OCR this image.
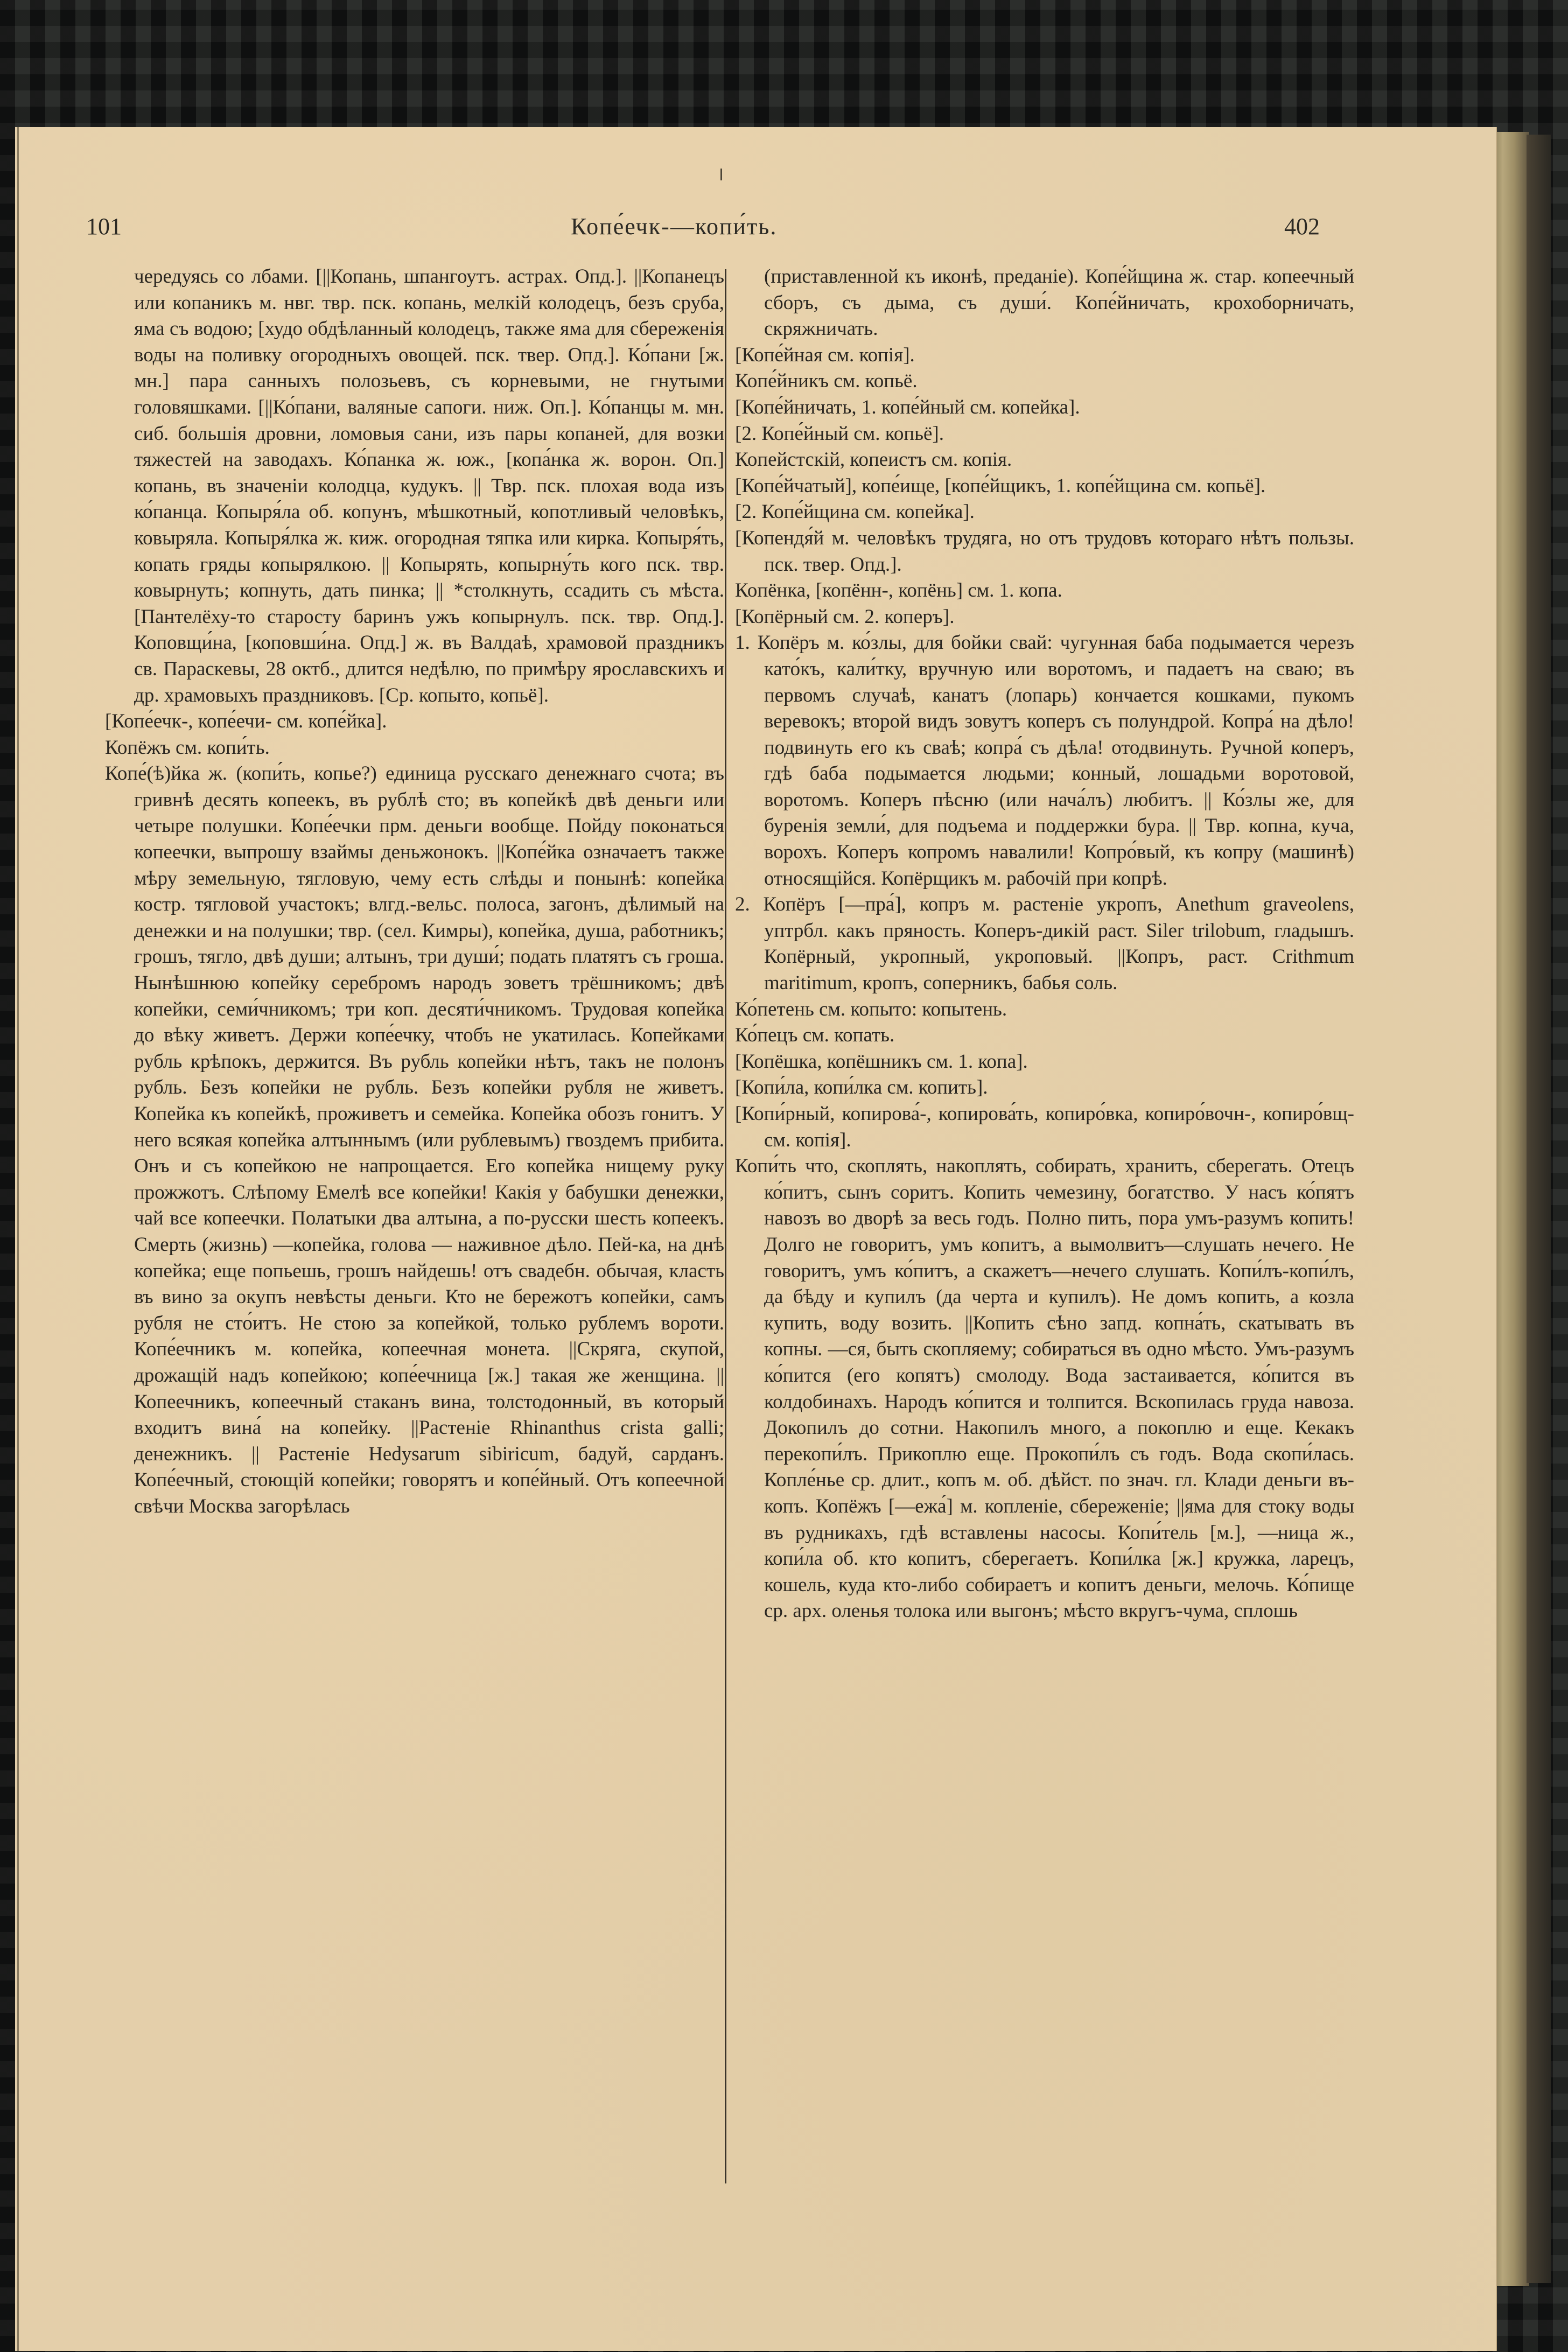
101	Копе́ечк-—копи́ть.	402

чередуясь со лбами. [||Копань, шпангоутъ. астрах. Опд.]. ||Копанецъ или копаникъ м. нвг. твр. пск. копань, мелкій колодецъ, безъ сруба, яма съ водою; [худо обдѣланный колодецъ, также яма для сбереженія воды на поливку огородныхъ овощей. пск. твер. Опд.]. Ко́пани [ж. мн.] пара санныхъ полозьевъ, съ корневыми, не гнутыми головяшками. [||Ко́пани, валяные сапоги. ниж. Оп.]. Ко́панцы м. мн. сиб. большія дровни, ломовыя сани, изъ пары копаней, для возки тяжестей на заводахъ. Ко́панка ж. юж., [копа́нка ж. ворон. Оп.] копань, въ значеніи колодца, кудукъ. || Твр. пск. плохая вода изъ ко́панца. Копыря́ла об. копунъ, мѣшкотный, копотливый человѣкъ, ковыряла. Копыря́лка ж. киж. огородная тяпка или кирка. Копыря́ть, копать гряды копырялкою. || Копырять, копырну́ть кого пск. твр. ковырнуть; копнуть, дать пинка; || *столкнуть, ссадить съ мѣста. [Пантелёху-то старосту баринъ ужъ копырнулъ. пск. твр. Опд.]. Коповщи́на, [коповши́на. Опд.] ж. въ Валдаѣ, храмовой праздникъ св. Параскевы, 28 октб., длится недѣлю, по примѣру ярославскихъ и др. храмовыхъ праздниковъ. [Ср. копыто, копьё].

[Копе́ечк-, копе́ечи- см. копе́йка].

Копёжъ см. копи́ть.

Копе́(ѣ)йка ж. (копи́ть, копье?) единица русскаго денежнаго счота; въ гривнѣ десять копеекъ, въ рублѣ сто; въ копейкѣ двѣ деньги или четыре полушки. Копе́ечки прм. деньги вообще. Пойду поконаться копеечки, выпрошу взаймы деньжонокъ. ||Копе́йка означаетъ также мѣру земельную, тягловую, чему есть слѣды и понынѣ: копейка костр. тягловой участокъ; влгд.-вельс. полоса, загонъ, дѣлимый на денежки и на полушки; твр. (сел. Кимры), копейка, душа, работникъ; грошъ, тягло, двѣ души; алтынъ, три души́; подать платятъ съ гроша. Нынѣшнюю копейку серебромъ народъ зоветъ трёшникомъ; двѣ копейки, семи́чникомъ; три коп. десяти́чникомъ. Трудовая копейка до вѣку живетъ. Держи копе́ечку, чтобъ не укатилась. Копейками рубль крѣпокъ, держится. Въ рубль копейки нѣтъ, такъ не полонъ рубль. Безъ копейки не рубль. Безъ копейки рубля не живетъ. Копейка къ копейкѣ, проживетъ и семейка. Копейка обозъ гонитъ. У него всякая копейка алтыннымъ (или рублевымъ) гвоздемъ прибита. Онъ и съ копейкою не напрощается. Его копейка нищему руку прожжотъ. Слѣпому Емелѣ все копейки! Какія у бабушки денежки, чай все копеечки. Полатыки два алтына, а по-русски шесть копеекъ. Смерть (жизнь) —копейка, голова — наживное дѣло. Пей-ка, на днѣ копейка; еще попьешь, грошъ найдешь! отъ свадебн. обычая, класть въ вино за окупъ невѣсты деньги. Кто не бережотъ копейки, самъ рубля не сто́итъ. Не стою за копейкой, только рублемъ вороти. Копе́ечникъ м. копейка, копеечная монета. ||Скряга, скупой, дрожащій надъ копейкою; копе́ечница [ж.] такая же женщина. || Копеечникъ, копеечный стаканъ вина, толстодонный, въ который входитъ вина́ на копейку. ||Растеніе Rhinanthus crista galli; денежникъ. || Растеніе Hedysarum sibiricum, бадуй, сарданъ. Копе́ечный, стоющій копейки; говорятъ и копе́йный. Отъ копеечной свѣчи Москва загорѣлась

(приставленной къ иконѣ, преданіе). Копе́йщина ж. стар. копеечный сборъ, съ дыма, съ души́. Копе́йничать, крохоборничать, скряжничать.

[Копе́йная см. копія].

Копе́йникъ см. копьё.

[Копе́йничать, 1. копе́йный см. копейка].

[2. Копе́йный см. копьё].

Копейстскій, копеистъ см. копія.

[Копе́йчатый], копе́ище, [копе́йщикъ, 1. копе́йщина см. копьё].

[2. Копе́йщина см. копейка].

[Копендя́й м. человѣкъ трудяга, но отъ трудовъ котораго нѣтъ пользы. пск. твер. Опд.].

Копёнка, [копённ-, копёнь] см. 1. копа.

[Копёрный см. 2. коперъ].

1. Копёръ м. ко́злы, для бойки свай: чугунная баба подымается черезъ като́къ, кали́тку, вручную или воротомъ, и падаетъ на сваю; въ первомъ случаѣ, канатъ (лопарь) кончается кошками, пукомъ веревокъ; второй видъ зовутъ коперъ съ полундрой. Копра́ на дѣло! подвинуть его къ сваѣ; копра́ съ дѣла! отодвинуть. Ручной коперъ, гдѣ баба подымается людьми; конный, лошадьми воротовой, воротомъ. Коперъ пѣсню (или нача́лъ) любитъ. || Ко́злы же, для буренія земли́, для подъема и поддержки бура. || Твр. копна, куча, ворохъ. Коперъ копромъ навалили! Копро́вый, къ копру (машинѣ) относящійся. Копёрщикъ м. рабочій при копрѣ.

2. Копёръ [—пра́], копръ м. растеніе укропъ, Anethum graveolens, уптрбл. какъ пряность. Коперъ-дикій раст. Siler trilobum, гладышъ. Копёрный, укропный, укроповый. ||Копръ, раст. Crithmum maritimum, кропъ, соперникъ, бабья соль.

Ко́петень см. копыто: копытень.

Ко́пецъ см. копать.

[Копёшка, копёшникъ см. 1. копа].

[Копи́ла, копи́лка см. копить].

[Копи́рный, копирова́-, копирова́ть, копиро́вка, копиро́вочн-, копиро́вщ- см. копія].

Копи́ть что, скоплять, накоплять, собирать, хранить, сберегать. Отецъ ко́питъ, сынъ соритъ. Копить чемезину, богатство. У насъ ко́пятъ навозъ во дворѣ за весь годъ. Полно пить, пора умъ-разумъ копить! Долго не говоритъ, умъ копитъ, а вымолвитъ—слушать нечего. Не говоритъ, умъ ко́питъ, а скажетъ—нечего слушать. Копи́лъ-копи́лъ, да бѣду и купилъ (да черта и купилъ). Не домъ копить, а козла купить, воду возить. ||Копить сѣно запд. копна́ть, скатывать въ копны. —ся, быть скопляему; собираться въ одно мѣсто. Умъ-разумъ ко́пится (его копятъ) смолоду. Вода застаивается, ко́пится въ колдобинахъ. Народъ ко́пится и толпится. Вскопилась груда навоза. Докопилъ до сотни. Накопилъ много, а покоплю и еще. Кекакъ перекопи́лъ. Прикоплю еще. Прокопи́лъ съ годъ. Вода скопи́лась. Копле́нье ср. длит., копъ м. об. дѣйст. по знач. гл. Клади деньги въ-копъ. Копёжъ [—ежа́] м. копленіе, сбереженіе; ||яма для стоку воды въ рудникахъ, гдѣ вставлены насосы. Копи́тель [м.], —ница ж., копи́ла об. кто копитъ, сберегаетъ. Копи́лка [ж.] кружка, ларецъ, кошель, куда кто-либо собираетъ и копитъ деньги, мелочь. Ко́пище ср. арх. оленья толока или выгонъ; мѣсто вкругъ-чума, сплошь
